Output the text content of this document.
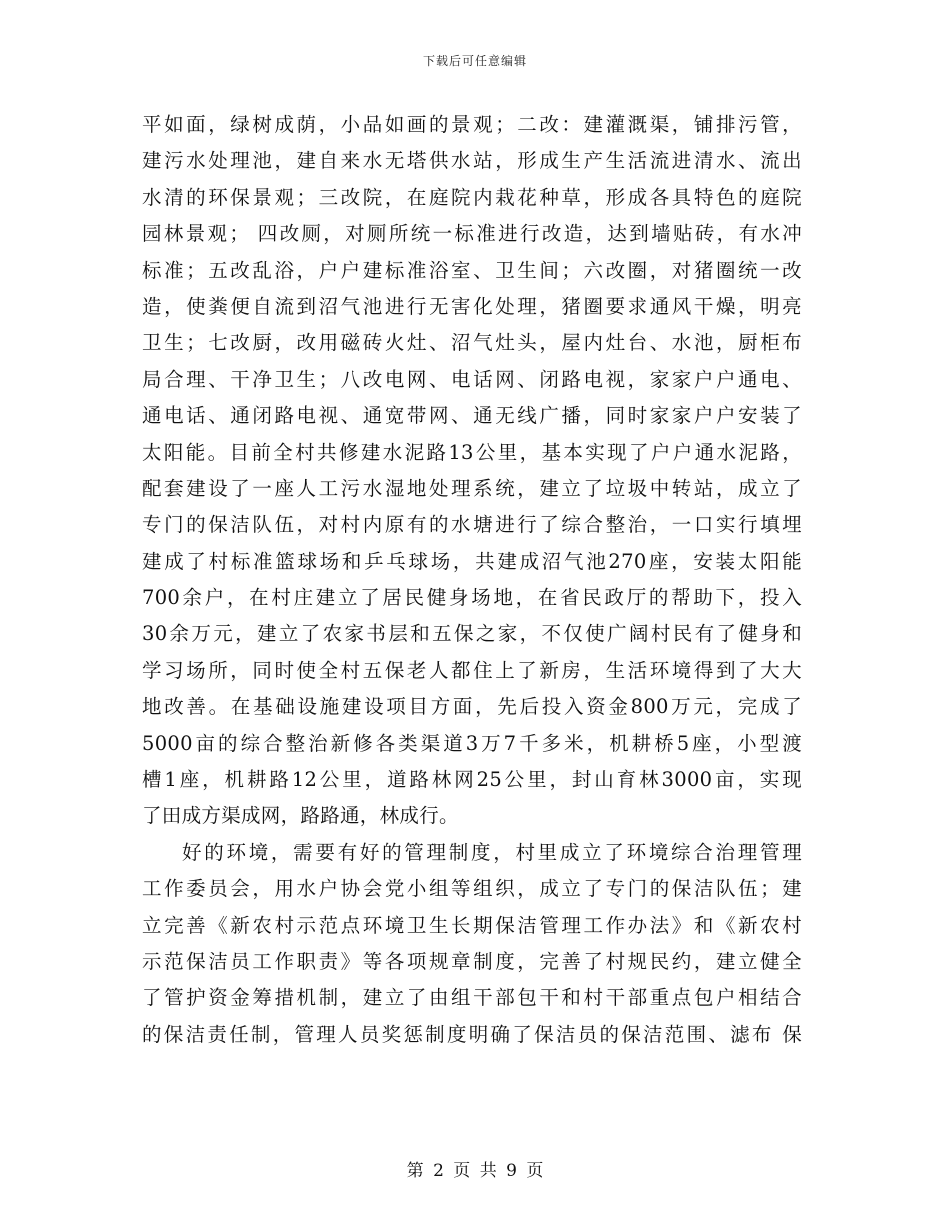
下载后可任意编辑
平如面，绿树成荫，小品如画的景观；二改：建灌溉渠，铺排污管，
建污水处理池，建自来水无塔供水站，形成生产生活流进清水、流出
水清的环保景观；三改院，在庭院内栽花种草，形成各具特色的庭院
园林景观； 四改厕，对厕所统一标准进行改造，达到墙贴砖，有水冲
标准；五改乱浴，户户建标准浴室、卫生间；六改圈，对猪圈统一改
造，使粪便自流到沼气池进行无害化处理，猪圈要求通风干燥，明亮
卫生；七改厨，改用磁砖火灶、沼气灶头，屋内灶台、水池，厨柜布
局合理、干净卫生；八改电网、电话网、闭路电视，家家户户通电、
通电话、通闭路电视、通宽带网、通无线广播，同时家家户户安装了
太阳能。目前全村共修建水泥路13公里，基本实现了户户通水泥路，
配套建设了一座人工污水湿地处理系统，建立了垃圾中转站，成立了
专门的保洁队伍，对村内原有的水塘进行了综合整治，一口实行填埋
建成了村标准篮球场和乒乓球场，共建成沼气池270座，安装太阳能
700余户，在村庄建立了居民健身场地，在省民政厅的帮助下，投入
30余万元，建立了农家书层和五保之家，不仅使广阔村民有了健身和
学习场所，同时使全村五保老人都住上了新房，生活环境得到了大大
地改善。在基础设施建设项目方面，先后投入资金800万元，完成了
5000亩的综合整治新修各类渠道3万7千多米，机耕桥5座，小型渡
槽1座，机耕路12公里，道路林网25公里，封山育林3000亩，实现
了田成方渠成网，路路通，林成行。
好的环境，需要有好的管理制度，村里成立了环境综合治理管理
工作委员会，用水户协会党小组等组织，成立了专门的保洁队伍；建
立完善《新农村示范点环境卫生长期保洁管理工作办法》和《新农村
示范保洁员工作职责》等各项规章制度，完善了村规民约，建立健全
了管护资金筹措机制，建立了由组干部包干和村干部重点包户相结合
的保洁责任制，管理人员奖惩制度明确了保洁员的保洁范围、滤布 保
第 2 页 共 9 页
